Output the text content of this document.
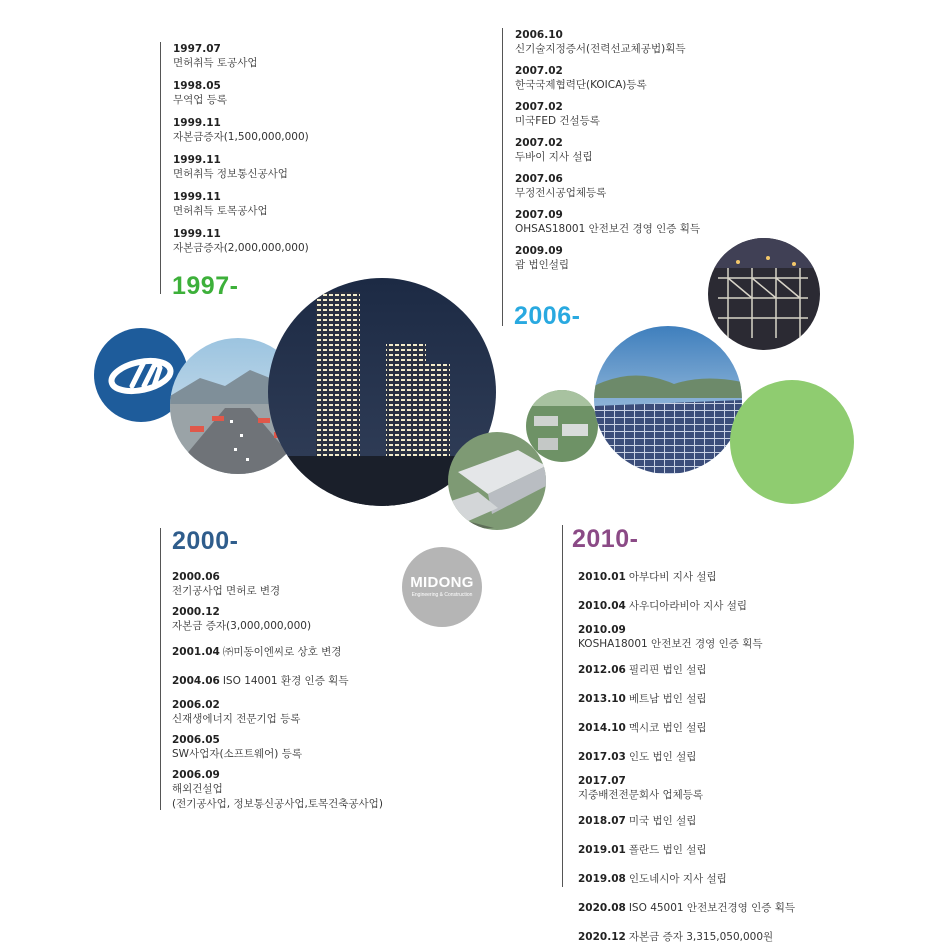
1997.07
면허취득 토공사업
1998.05
무역업 등록
1999.11
자본금증자(1,500,000,000)
1999.11
면허취득 정보통신공사업
1999.11
면허취득 토목공사업
1999.11
자본금증자(2,000,000,000)
1997-
2006.10
신기술지정증서(전력선교체공법)획득
2007.02
한국국제협력단(KOICA)등록
2007.02
미국FED 건설등록
2007.02
두바이 지사 설립
2007.06
무정전시공업체등록
2007.09
OHSAS18001 안전보건 경영 인증 획득
2009.09
괌 법인설립
2006-
2000-
2000.06
전기공사업 면허로 변경
2000.12
자본금 증자(3,000,000,000)
2001.04 ㈜미동이엔씨로 상호 변경
2004.06 ISO 14001 환경 인증 획득
2006.02
신재생에너지 전문기업 등록
2006.05
SW사업자(소프트웨어) 등록
2006.09
해외건설업
(전기공사업, 정보통신공사업,토목건축공사업)
2010-
2010.01 아부다비 지사 설립
2010.04 사우디아라비아 지사 설립
2010.09
KOSHA18001 안전보건 경영 인증 획득
2012.06 필리핀 법인 설립
2013.10 베트남 법인 설립
2014.10 멕시코 법인 설립
2017.03 인도 법인 설립
2017.07
지중배전전문회사 업체등록
2018.07 미국 법인 설립
2019.01 폴란드 법인 설립
2019.08 인도네시아 지사 설립
2020.08 ISO 45001 안전보건경영 인증 획득
2020.12 자본금 증자 3,315,050,000원
MIDONG
Engineering & Construction
